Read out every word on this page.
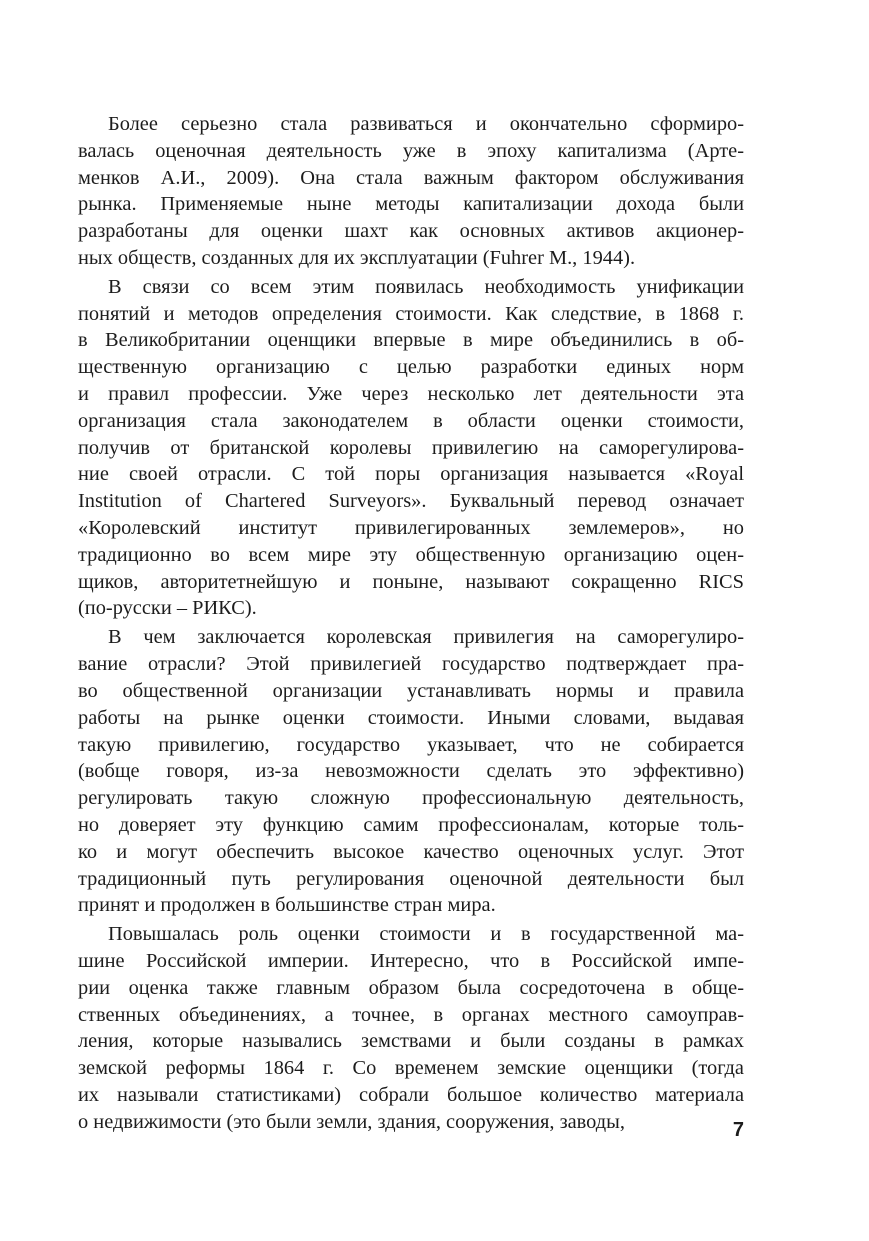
Более серьезно стала развиваться и окончательно сформиро-
валась оценочная деятельность уже в эпоху капитализма (Арте-
менков А.И., 2009). Она стала важным фактором обслуживания
рынка. Применяемые ныне методы капитализации дохода были
разработаны для оценки шахт как основных активов акционер-
ных обществ, созданных для их эксплуатации (Fuhrer M., 1944).
В связи со всем этим появилась необходимость унификации
понятий и методов определения стоимости. Как следствие, в 1868 г.
в Великобритании оценщики впервые в мире объединились в об-
щественную организацию с целью разработки единых норм
и правил профессии. Уже через несколько лет деятельности эта
организация стала законодателем в области оценки стоимости,
получив от британской королевы привилегию на саморегулирова-
ние своей отрасли. С той поры организация называется «Royal
Institution of Chartered Surveyors». Буквальный перевод означает
«Королевский институт привилегированных землемеров», но
традиционно во всем мире эту общественную организацию оцен-
щиков, авторитетнейшую и поныне, называют сокращенно RICS
(по-русски – РИКС).
В чем заключается королевская привилегия на саморегулиро-
вание отрасли? Этой привилегией государство подтверждает пра-
во общественной организации устанавливать нормы и правила
работы на рынке оценки стоимости. Иными словами, выдавая
такую привилегию, государство указывает, что не собирается
(вобще говоря, из-за невозможности сделать это эффективно)
регулировать такую сложную профессиональную деятельность,
но доверяет эту функцию самим профессионалам, которые толь-
ко и могут обеспечить высокое качество оценочных услуг. Этот
традиционный путь регулирования оценочной деятельности был
принят и продолжен в большинстве стран мира.
Повышалась роль оценки стоимости и в государственной ма-
шине Российской империи. Интересно, что в Российской импе-
рии оценка также главным образом была сосредоточена в обще-
ственных объединениях, а точнее, в органах местного самоуправ-
ления, которые назывались земствами и были созданы в рамках
земской реформы 1864 г. Со временем земские оценщики (тогда
их называли статистиками) собрали большое количество материала
о недвижимости (это были земли, здания, сооружения, заводы,	7
